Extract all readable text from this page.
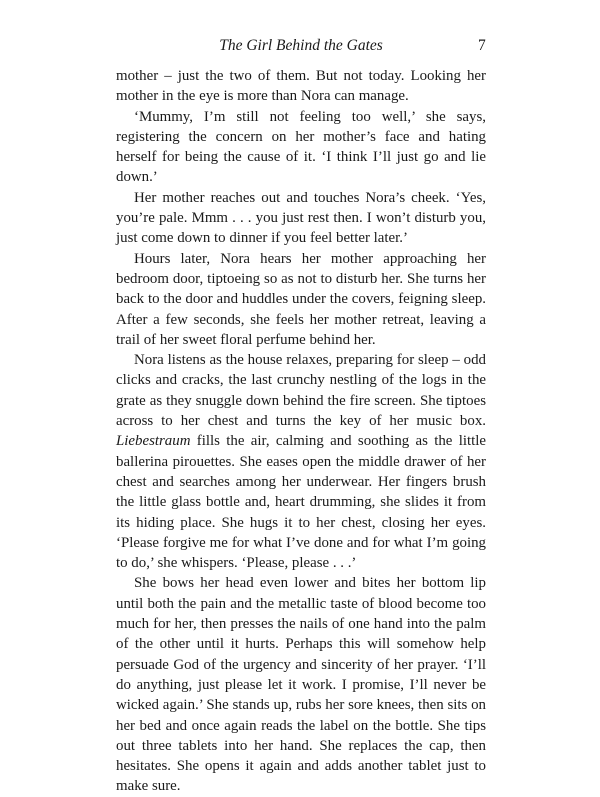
The Girl Behind the Gates	7

mother – just the two of them. But not today. Looking her mother in the eye is more than Nora can manage.

‘Mummy, I’m still not feeling too well,’ she says, registering the concern on her mother’s face and hating herself for being the cause of it. ‘I think I’ll just go and lie down.’

Her mother reaches out and touches Nora’s cheek. ‘Yes, you’re pale. Mmm . . . you just rest then. I won’t disturb you, just come down to dinner if you feel better later.’

Hours later, Nora hears her mother approaching her bedroom door, tiptoeing so as not to disturb her. She turns her back to the door and huddles under the covers, feigning sleep. After a few seconds, she feels her mother retreat, leaving a trail of her sweet floral perfume behind her.

Nora listens as the house relaxes, preparing for sleep – odd clicks and cracks, the last crunchy nestling of the logs in the grate as they snuggle down behind the fire screen. She tiptoes across to her chest and turns the key of her music box. Liebestraum fills the air, calming and soothing as the little ballerina pirouettes. She eases open the middle drawer of her chest and searches among her underwear. Her fingers brush the little glass bottle and, heart drumming, she slides it from its hiding place. She hugs it to her chest, closing her eyes. ‘Please forgive me for what I’ve done and for what I’m going to do,’ she whispers. ‘Please, please . . .’

She bows her head even lower and bites her bottom lip until both the pain and the metallic taste of blood become too much for her, then presses the nails of one hand into the palm of the other until it hurts. Perhaps this will somehow help persuade God of the urgency and sincerity of her prayer. ‘I’ll do anything, just please let it work. I promise, I’ll never be wicked again.’ She stands up, rubs her sore knees, then sits on her bed and once again reads the label on the bottle. She tips out three tablets into her hand. She replaces the cap, then hesitates. She opens it again and adds another tablet just to make sure.
